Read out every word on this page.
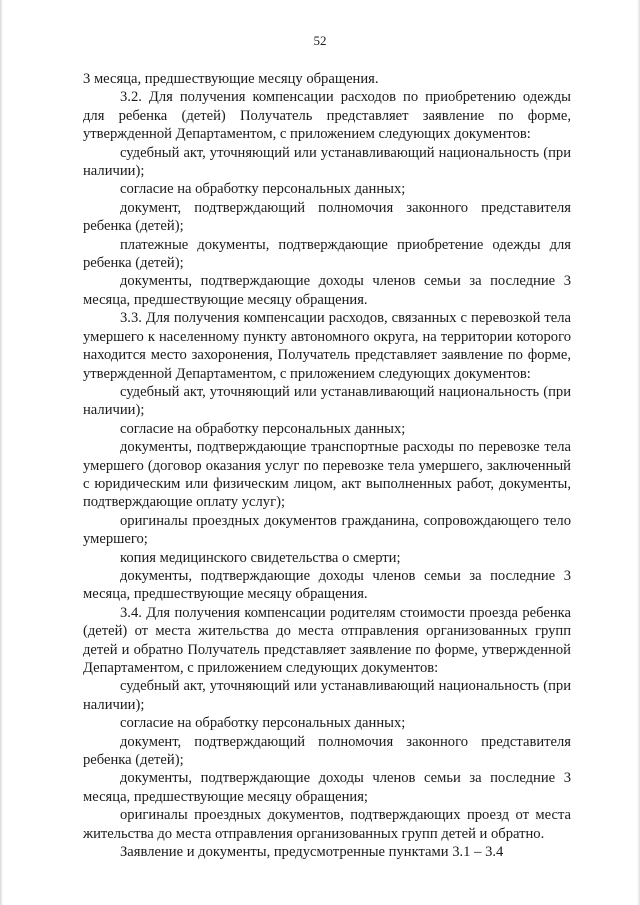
52

3 месяца, предшествующие месяцу обращения.

3.2. Для получения компенсации расходов по приобретению одежды для ребенка (детей) Получатель представляет заявление по форме, утвержденной Департаментом, с приложением следующих документов:

судебный акт, уточняющий или устанавливающий национальность (при наличии);

согласие на обработку персональных данных;

документ, подтверждающий полномочия законного представителя ребенка (детей);

платежные документы, подтверждающие приобретение одежды для ребенка (детей);

документы, подтверждающие доходы членов семьи за последние 3 месяца, предшествующие месяцу обращения.

3.3. Для получения компенсации расходов, связанных с перевозкой тела умершего к населенному пункту автономного округа, на территории которого находится место захоронения, Получатель представляет заявление по форме, утвержденной Департаментом, с приложением следующих документов:

судебный акт, уточняющий или устанавливающий национальность (при наличии);

согласие на обработку персональных данных;

документы, подтверждающие транспортные расходы по перевозке тела умершего (договор оказания услуг по перевозке тела умершего, заключенный с юридическим или физическим лицом, акт выполненных работ, документы, подтверждающие оплату услуг);

оригиналы проездных документов гражданина, сопровождающего тело умершего;

копия медицинского свидетельства о смерти;

документы, подтверждающие доходы членов семьи за последние 3 месяца, предшествующие месяцу обращения.

3.4. Для получения компенсации родителям стоимости проезда ребенка (детей) от места жительства до места отправления организованных групп детей и обратно Получатель представляет заявление по форме, утвержденной Департаментом, с приложением следующих документов:

судебный акт, уточняющий или устанавливающий национальность (при наличии);

согласие на обработку персональных данных;

документ, подтверждающий полномочия законного представителя ребенка (детей);

документы, подтверждающие доходы членов семьи за последние 3 месяца, предшествующие месяцу обращения;

оригиналы проездных документов, подтверждающих проезд от места жительства до места отправления организованных групп детей и обратно.

Заявление и документы, предусмотренные пунктами 3.1 – 3.4
